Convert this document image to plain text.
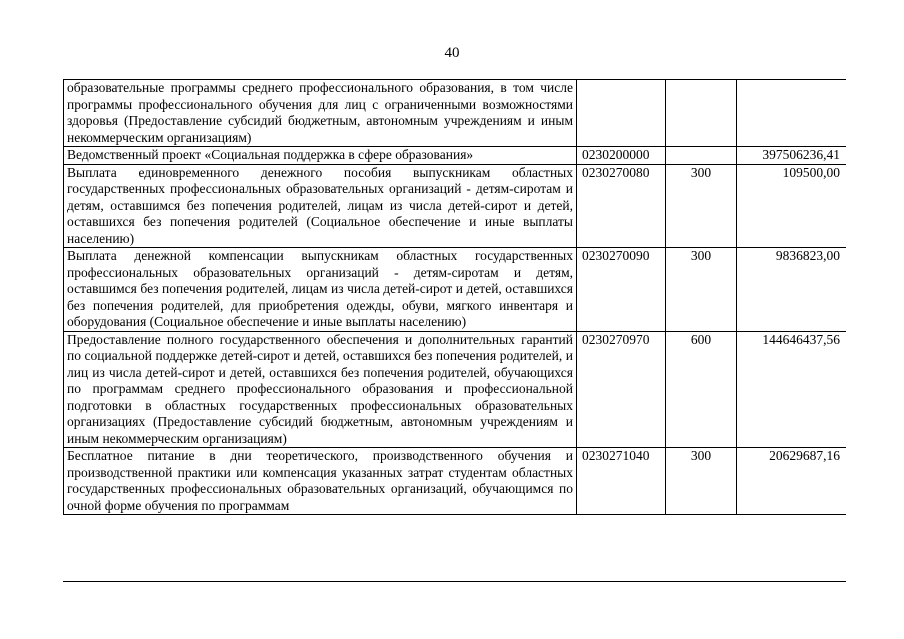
40
образовательные программы среднего профессионального образования, в том числе программы профессионального обучения для лиц с ограниченными возможностями здоровья (Предоставление субсидий бюджетным, автономным учреждениям и иным некоммерческим организациям)			
Ведомственный проект «Социальная поддержка в сфере образования»	0230200000		397506236,41
Выплата единовременного денежного пособия выпускникам областных государственных профессиональных образовательных организаций - детям-сиротам и детям, оставшимся без попечения родителей, лицам из числа детей-сирот и детей, оставшихся без попечения родителей (Социальное обеспечение и иные выплаты населению)	0230270080	300	109500,00
Выплата денежной компенсации выпускникам областных государственных профессиональных образовательных организаций - детям-сиротам и детям, оставшимся без попечения родителей, лицам из числа детей-сирот и детей, оставшихся без попечения родителей, для приобретения одежды, обуви, мягкого инвентаря и оборудования (Социальное обеспечение и иные выплаты населению)	0230270090	300	9836823,00
Предоставление полного государственного обеспечения и дополнительных гарантий по социальной поддержке детей-сирот и детей, оставшихся без попечения родителей, и лиц из числа детей-сирот и детей, оставшихся без попечения родителей, обучающихся по программам среднего профессионального образования и профессиональной подготовки в областных государственных профессиональных образовательных организациях (Предоставление субсидий бюджетным, автономным учреждениям и иным некоммерческим организациям)	0230270970	600	144646437,56
Бесплатное питание в дни теоретического, производственного обучения и производственной практики или компенсация указанных затрат студентам областных государственных профессиональных образовательных организаций, обучающимся по очной форме обучения по программам	0230271040	300	20629687,16
